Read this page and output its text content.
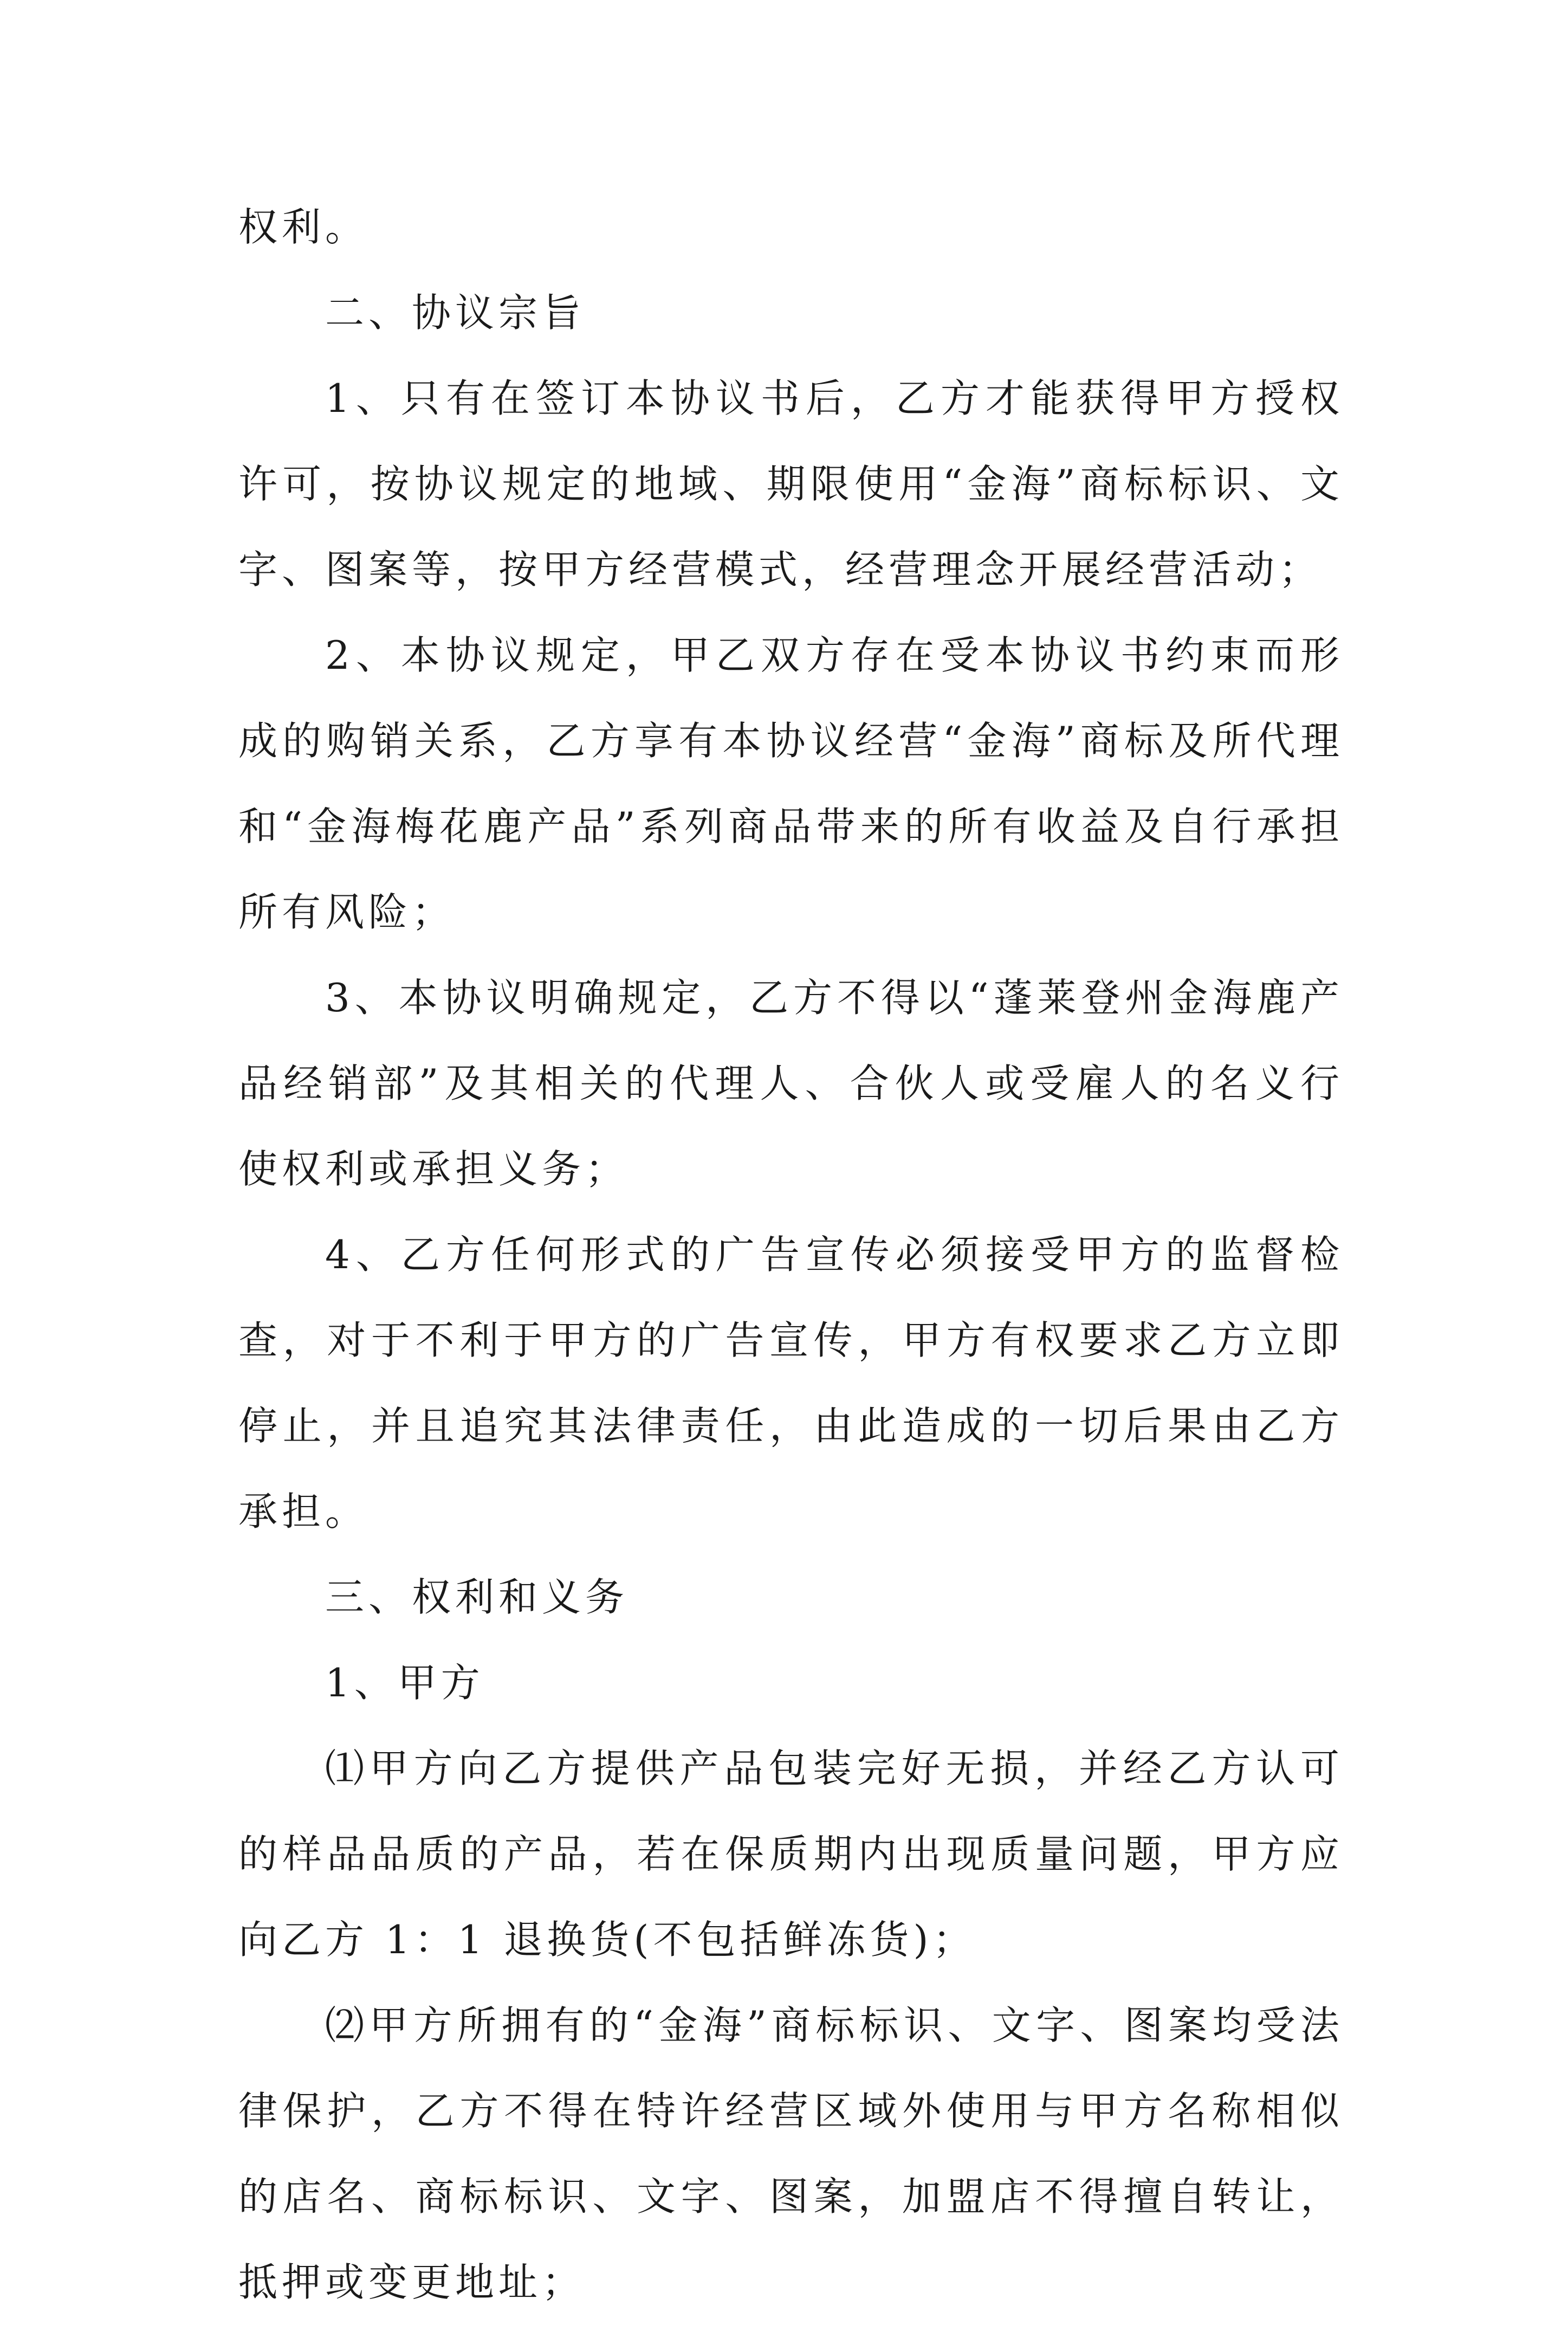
权利。

二、协议宗旨

1、只有在签订本协议书后，乙方才能获得甲方授权许可，按协议规定的地域、期限使用“金海”商标标识、文字、图案等，按甲方经营模式，经营理念开展经营活动；

2、本协议规定，甲乙双方存在受本协议书约束而形成的购销关系，乙方享有本协议经营“金海”商标及所代理和“金海梅花鹿产品”系列商品带来的所有收益及自行承担所有风险；

3、本协议明确规定，乙方不得以“蓬莱登州金海鹿产品经销部”及其相关的代理人、合伙人或受雇人的名义行使权利或承担义务；

4、乙方任何形式的广告宣传必须接受甲方的监督检查，对于不利于甲方的广告宣传，甲方有权要求乙方立即停止，并且追究其法律责任，由此造成的一切后果由乙方承担。

三、权利和义务

1、甲方

⑴甲方向乙方提供产品包装完好无损，并经乙方认可的样品品质的产品，若在保质期内出现质量问题，甲方应向乙方 1：1 退换货(不包括鲜冻货)；

⑵甲方所拥有的“金海”商标标识、文字、图案均受法律保护，乙方不得在特许经营区域外使用与甲方名称相似的店名、商标标识、文字、图案，加盟店不得擅自转让，抵押或变更地址；
